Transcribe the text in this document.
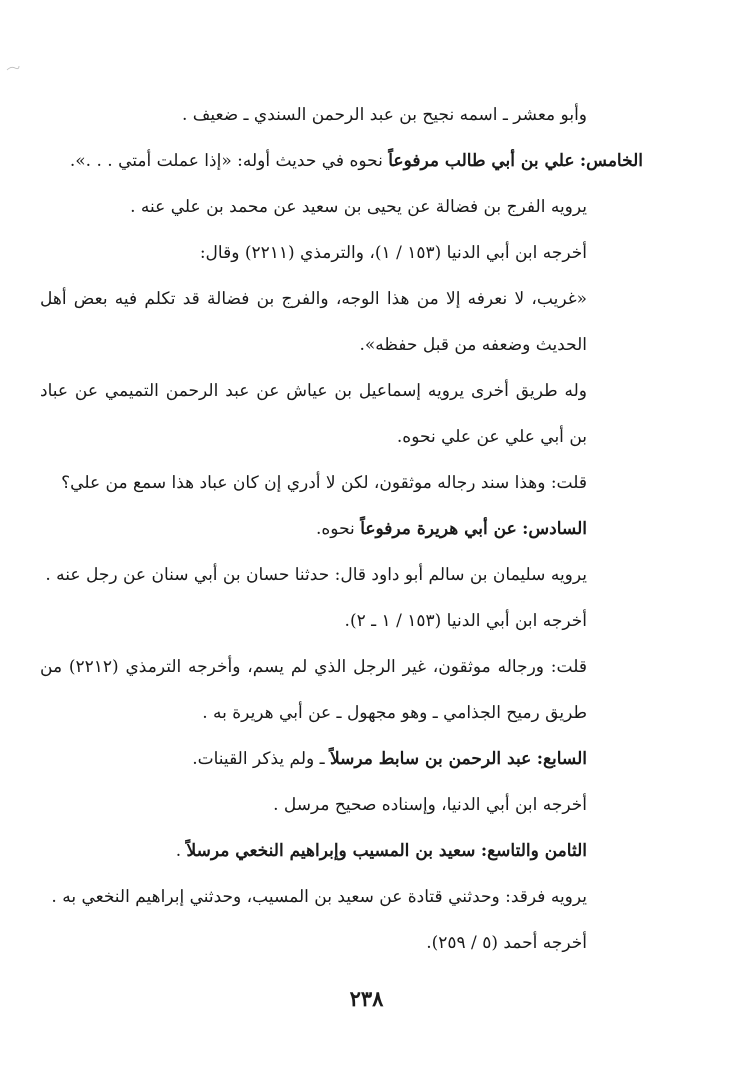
وأبو معشر ـ اسمه نجيح بن عبد الرحمن السندي ـ ضعيف .

الخامس: علي بن أبي طالب مرفوعاً نحوه في حديث أوله: «إذا عملت أمتي . . .».

يرويه الفرج بن فضالة عن يحيى بن سعيد عن محمد بن علي عنه .

أخرجه ابن أبي الدنيا (١٥٣ / ١)، والترمذي (٢٢١١) وقال:

«غريب، لا نعرفه إلا من هذا الوجه، والفرج بن فضالة قد تكلم فيه بعض أهل الحديث وضعفه من قبل حفظه».

وله طريق أخرى يرويه إسماعيل بن عياش عن عبد الرحمن التميمي عن عباد بن أبي علي عن علي نحوه.

قلت: وهذا سند رجاله موثقون، لكن لا أدري إن كان عباد هذا سمع من علي؟

السادس: عن أبي هريرة مرفوعاً نحوه.

يرويه سليمان بن سالم أبو داود قال: حدثنا حسان بن أبي سنان عن رجل عنه .

أخرجه ابن أبي الدنيا (١٥٣ / ١ ـ ٢).

قلت: ورجاله موثقون، غير الرجل الذي لم يسم، وأخرجه الترمذي (٢٢١٢) من طريق رميح الجذامي ـ وهو مجهول ـ عن أبي هريرة به .

السابع: عبد الرحمن بن سابط مرسلاً ـ ولم يذكر القينات.

أخرجه ابن أبي الدنيا، وإسناده صحيح مرسل .

الثامن والتاسع: سعيد بن المسيب وإبراهيم النخعي مرسلاً .

يرويه فرقد: وحدثني قتادة عن سعيد بن المسيب، وحدثني إبراهيم النخعي به .

أخرجه أحمد (٥ / ٢٥٩).

٢٣٨
